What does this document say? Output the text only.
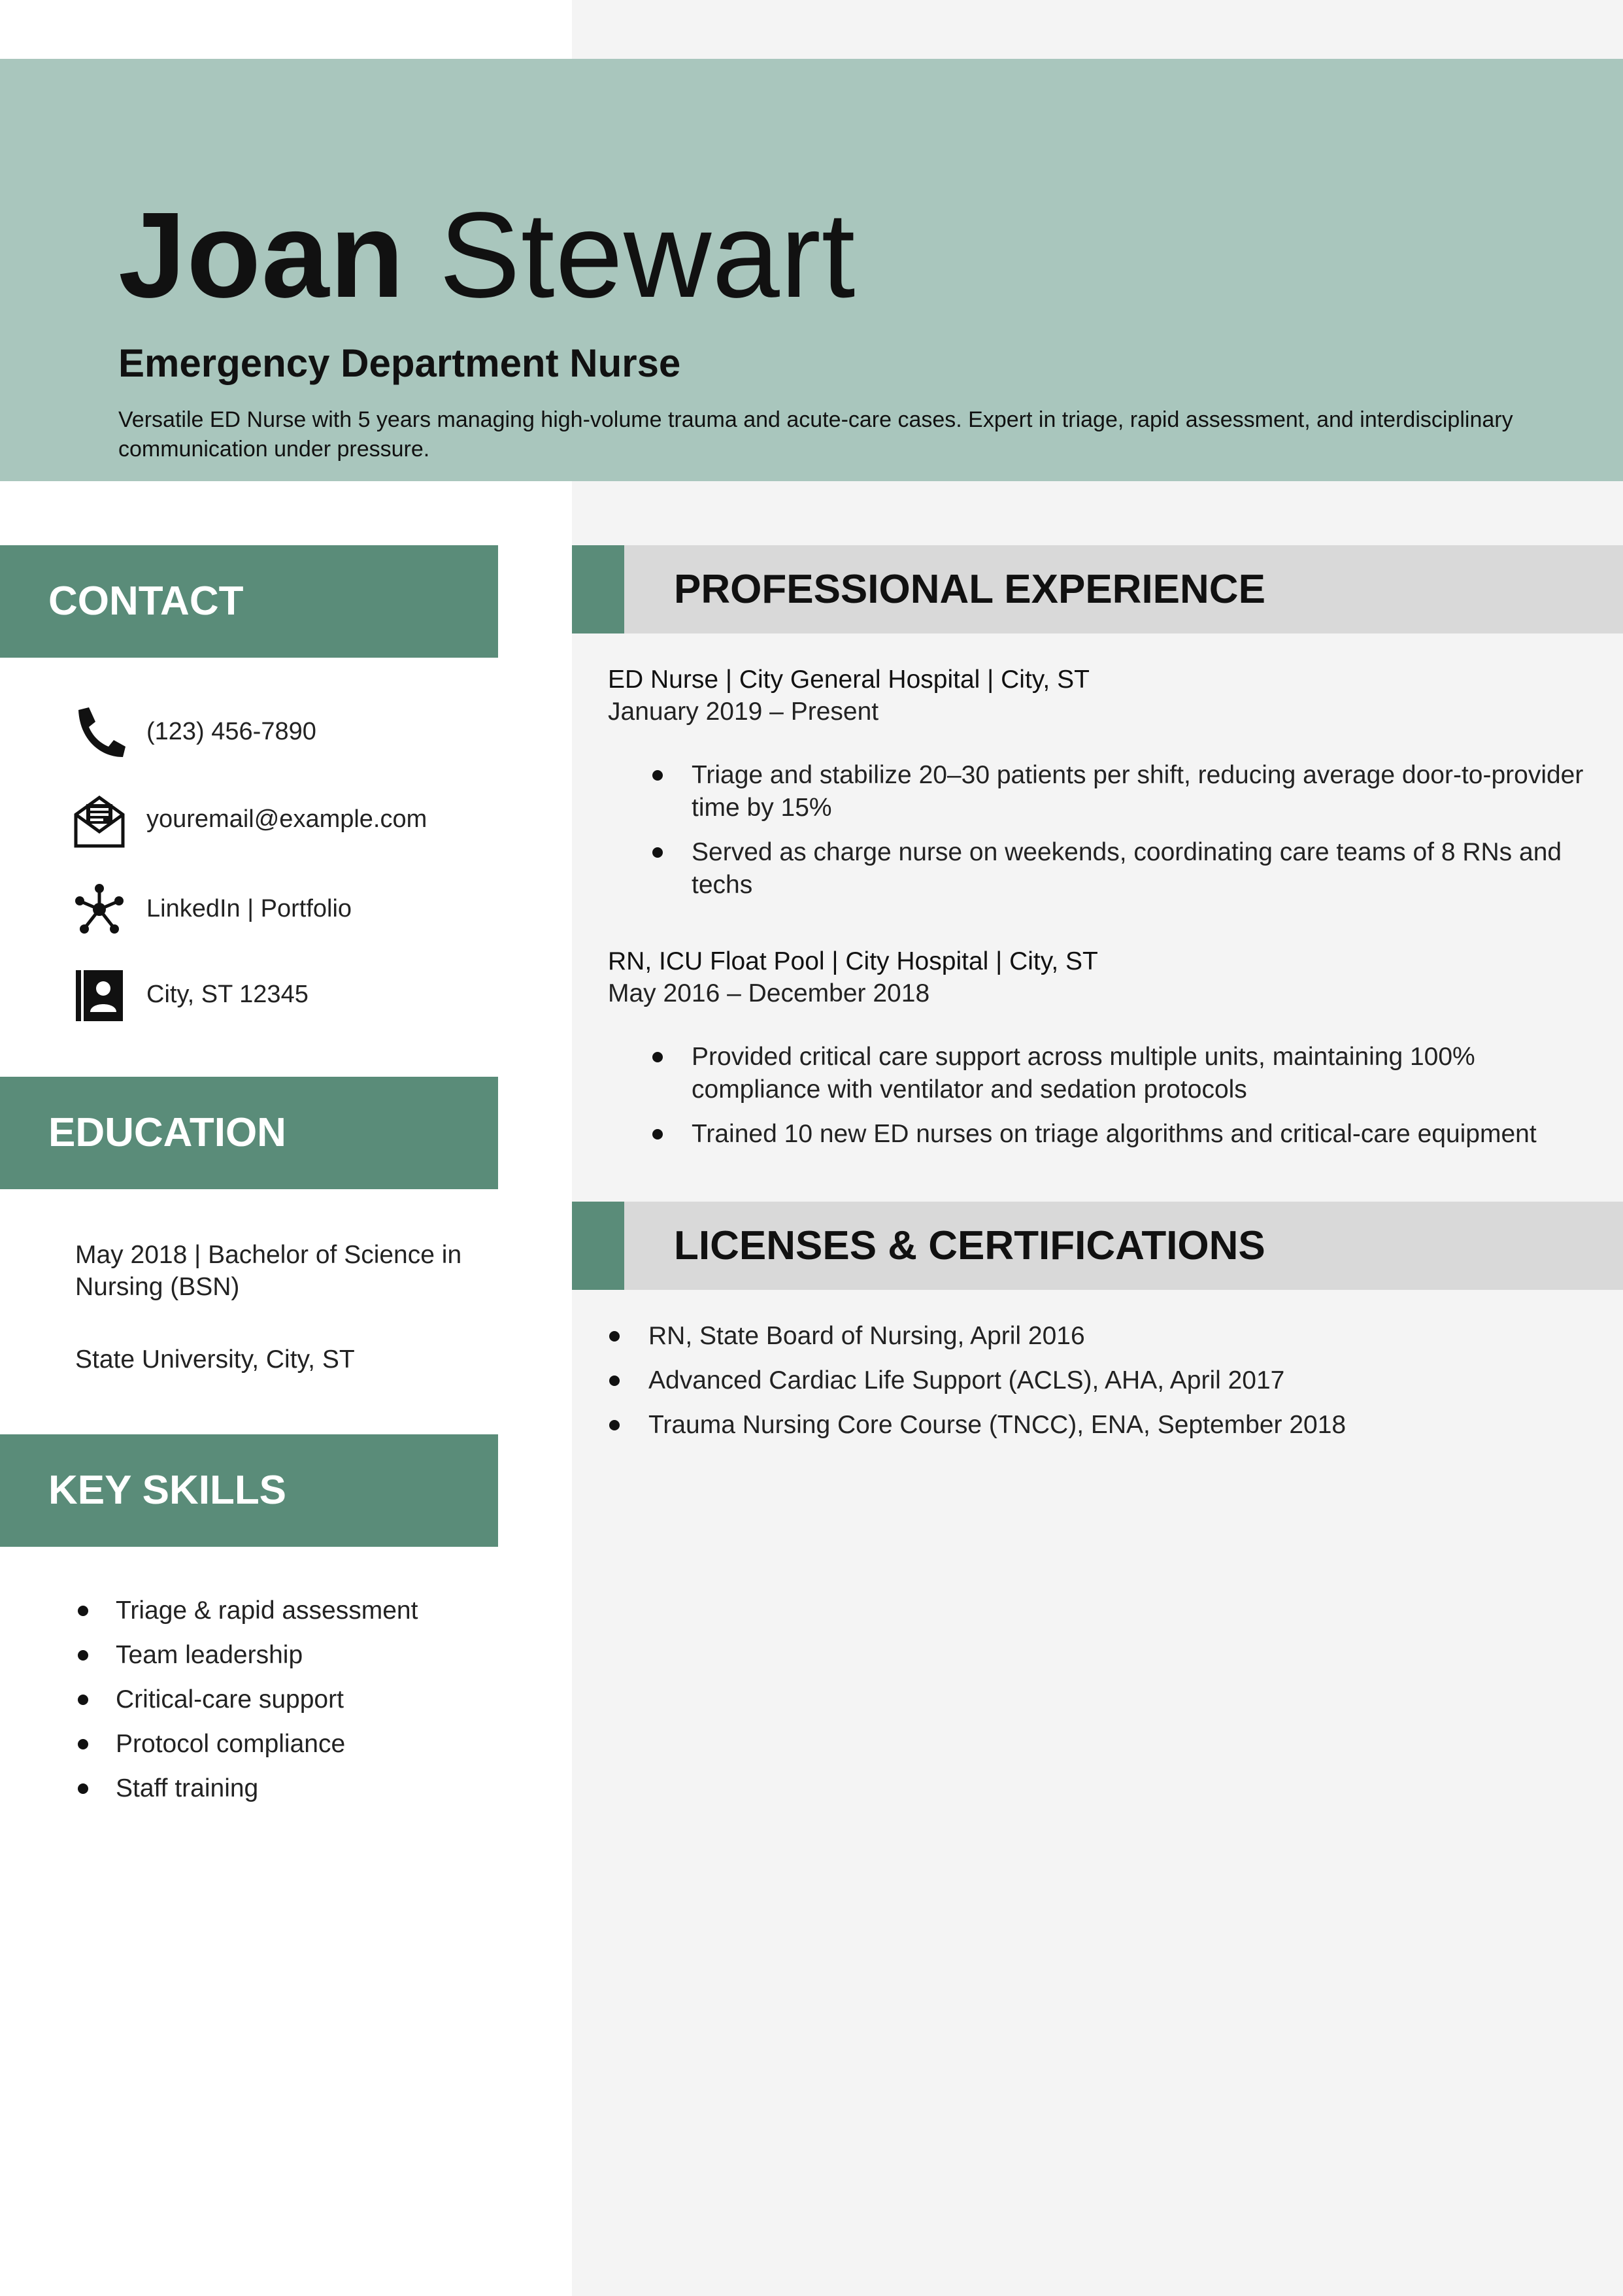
Joan Stewart
Emergency Department Nurse
Versatile ED Nurse with 5 years managing high-volume trauma and acute-care cases. Expert in triage, rapid assessment, and interdisciplinary communication under pressure.
CONTACT
(123) 456-7890
youremail@example.com
LinkedIn | Portfolio
City, ST 12345
EDUCATION
May 2018 | Bachelor of Science in Nursing (BSN)
State University, City, ST
KEY SKILLS
Triage & rapid assessment
Team leadership
Critical-care support
Protocol compliance
Staff training
PROFESSIONAL EXPERIENCE
ED Nurse | City General Hospital | City, ST
January 2019 – Present
Triage and stabilize 20–30 patients per shift, reducing average door-to-provider time by 15%
Served as charge nurse on weekends, coordinating care teams of 8 RNs and techs
RN, ICU Float Pool | City Hospital | City, ST
May 2016 – December 2018
Provided critical care support across multiple units, maintaining 100% compliance with ventilator and sedation protocols
Trained 10 new ED nurses on triage algorithms and critical-care equipment
LICENSES & CERTIFICATIONS
RN, State Board of Nursing, April 2016
Advanced Cardiac Life Support (ACLS), AHA, April 2017
Trauma Nursing Core Course (TNCC), ENA, September 2018
